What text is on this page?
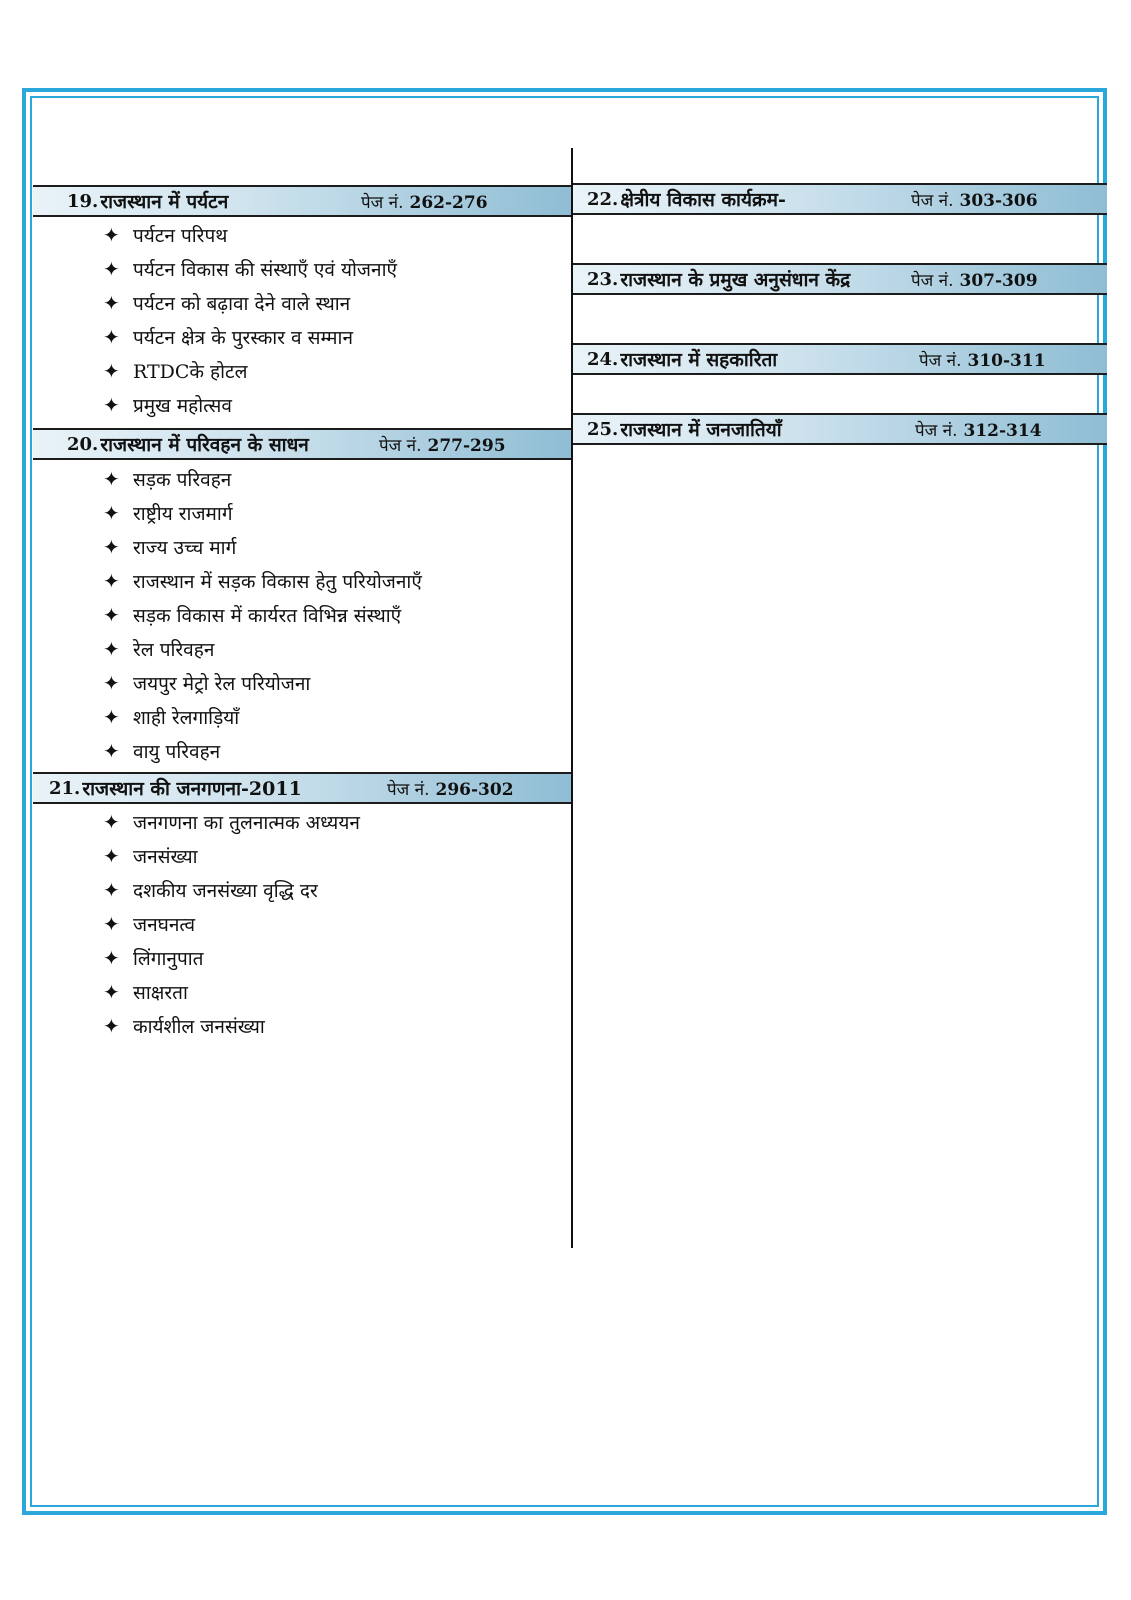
19. राजस्थान में पर्यटन	पेज नं. 262-276
✦ पर्यटन परिपथ
✦ पर्यटन विकास की संस्थाएँ एवं योजनाएँ
✦ पर्यटन को बढ़ावा देने वाले स्थान
✦ पर्यटन क्षेत्र के पुरस्कार व सम्मान
✦ RTDCके होटल
✦ प्रमुख महोत्सव
20. राजस्थान में परिवहन के साधन	पेज नं. 277-295
✦ सड़क परिवहन
✦ राष्ट्रीय राजमार्ग
✦ राज्य उच्च मार्ग
✦ राजस्थान में सड़क विकास हेतु परियोजनाएँ
✦ सड़क विकास में कार्यरत विभिन्न संस्थाएँ
✦ रेल परिवहन
✦ जयपुर मेट्रो रेल परियोजना
✦ शाही रेलगाड़ियाँ
✦ वायु परिवहन
21. राजस्थान की जनगणना-2011	पेज नं. 296-302
✦ जनगणना का तुलनात्मक अध्ययन
✦ जनसंख्या
✦ दशकीय जनसंख्या वृद्धि दर
✦ जनघनत्व
✦ लिंगानुपात
✦ साक्षरता
✦ कार्यशील जनसंख्या
22. क्षेत्रीय विकास कार्यक्रम-	पेज नं. 303-306
23. राजस्थान के प्रमुख अनुसंधान केंद्र	पेज नं. 307-309
24. राजस्थान में सहकारिता	पेज नं. 310-311
25. राजस्थान में जनजातियाँ	पेज नं. 312-314
